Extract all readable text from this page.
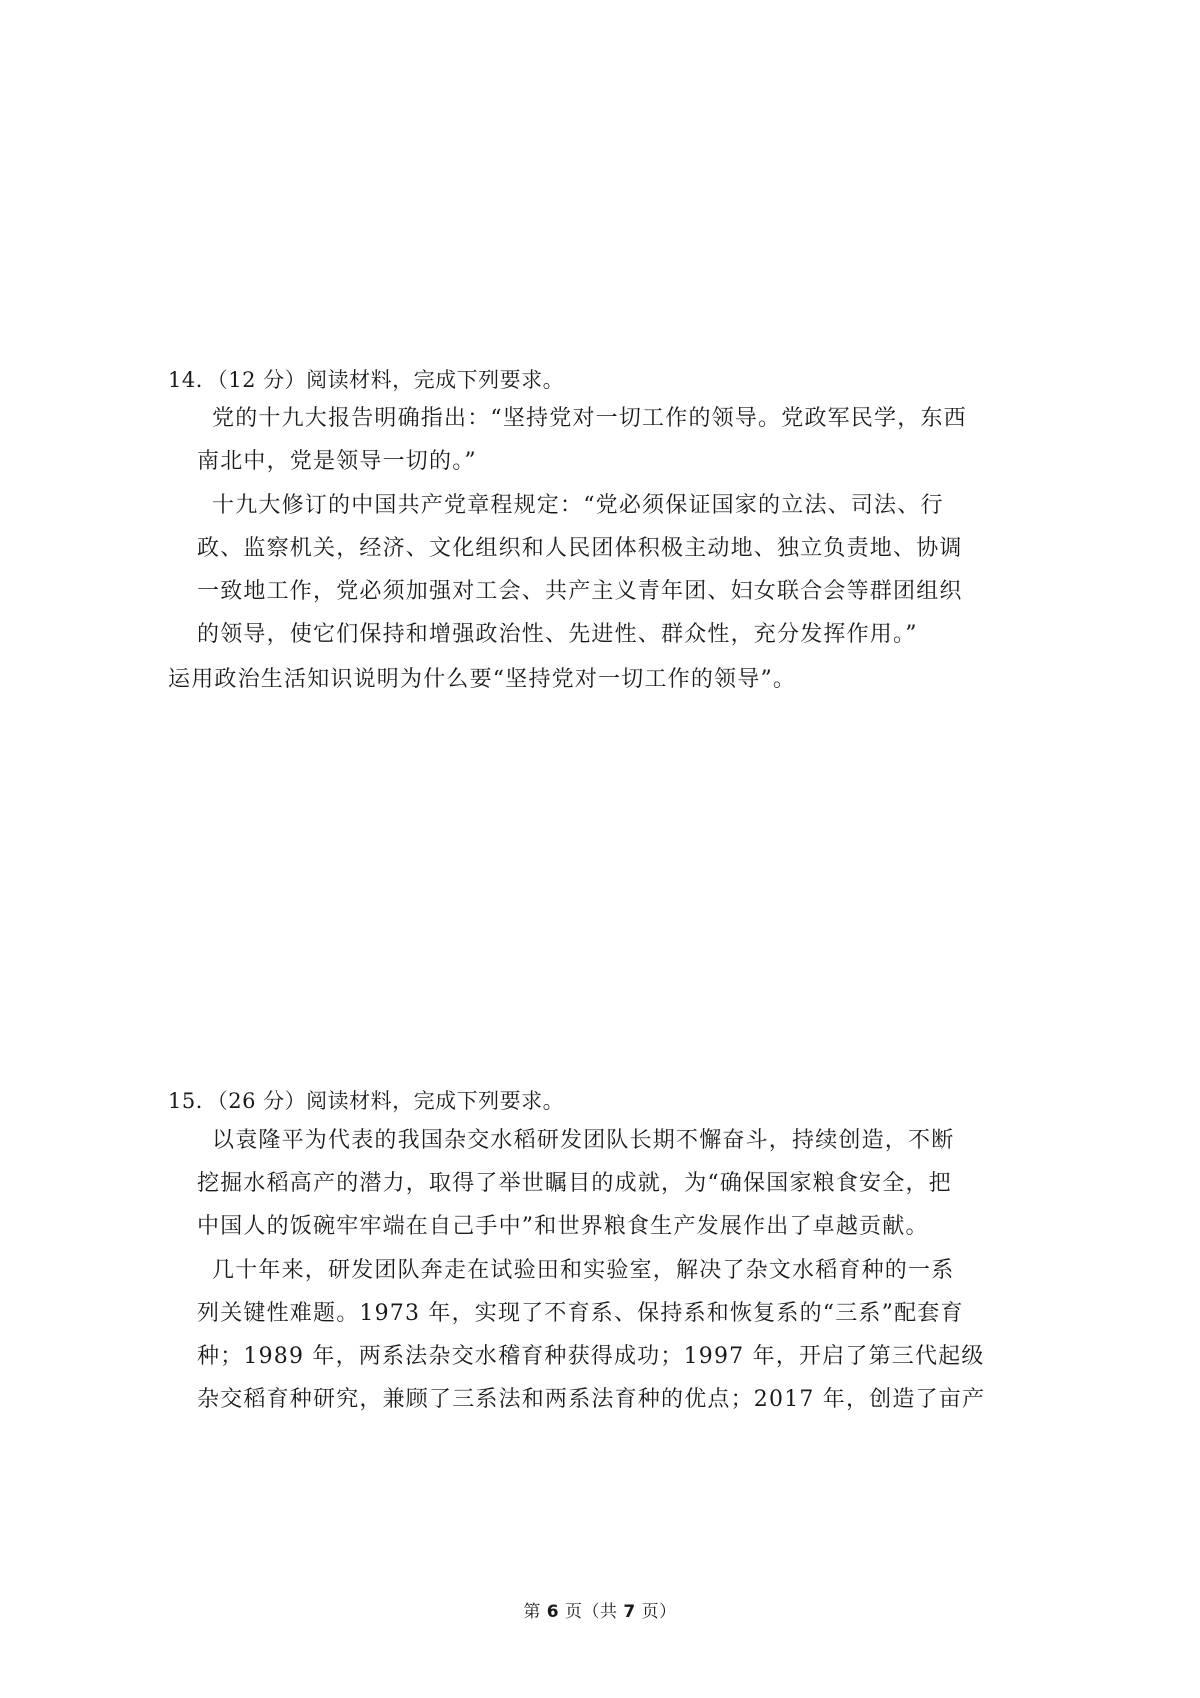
14．（12 分）阅读材料，完成下列要求。
党的十九大报告明确指出：“坚持党对一切工作的领导。党政军民学，东西
南北中，党是领导一切的。”
十九大修订的中国共产党章程规定：“党必须保证国家的立法、司法、行
政、监察机关，经济、文化组织和人民团体积极主动地、独立负责地、协调
一致地工作，党必须加强对工会、共产主义青年团、妇女联合会等群团组织
的领导，使它们保持和增强政治性、先进性、群众性，充分发挥作用。”
运用政治生活知识说明为什么要“坚持党对一切工作的领导”。
15．（26 分）阅读材料，完成下列要求。
以袁隆平为代表的我国杂交水稻研发团队长期不懈奋斗，持续创造，不断
挖掘水稻高产的潜力，取得了举世瞩目的成就，为“确保国家粮食安全，把
中国人的饭碗牢牢端在自己手中”和世界粮食生产发展作出了卓越贡献。
几十年来，研发团队奔走在试验田和实验室，解决了杂文水稻育种的一系
列关键性难题。1973 年，实现了不育系、保持系和恢复系的“三系”配套育
种；1989 年，两系法杂交水稽育种获得成功；1997 年，开启了第三代起级
杂交稻育种研究，兼顾了三系法和两系法育种的优点；2017 年，创造了亩产
第 6 页（共 7 页）
